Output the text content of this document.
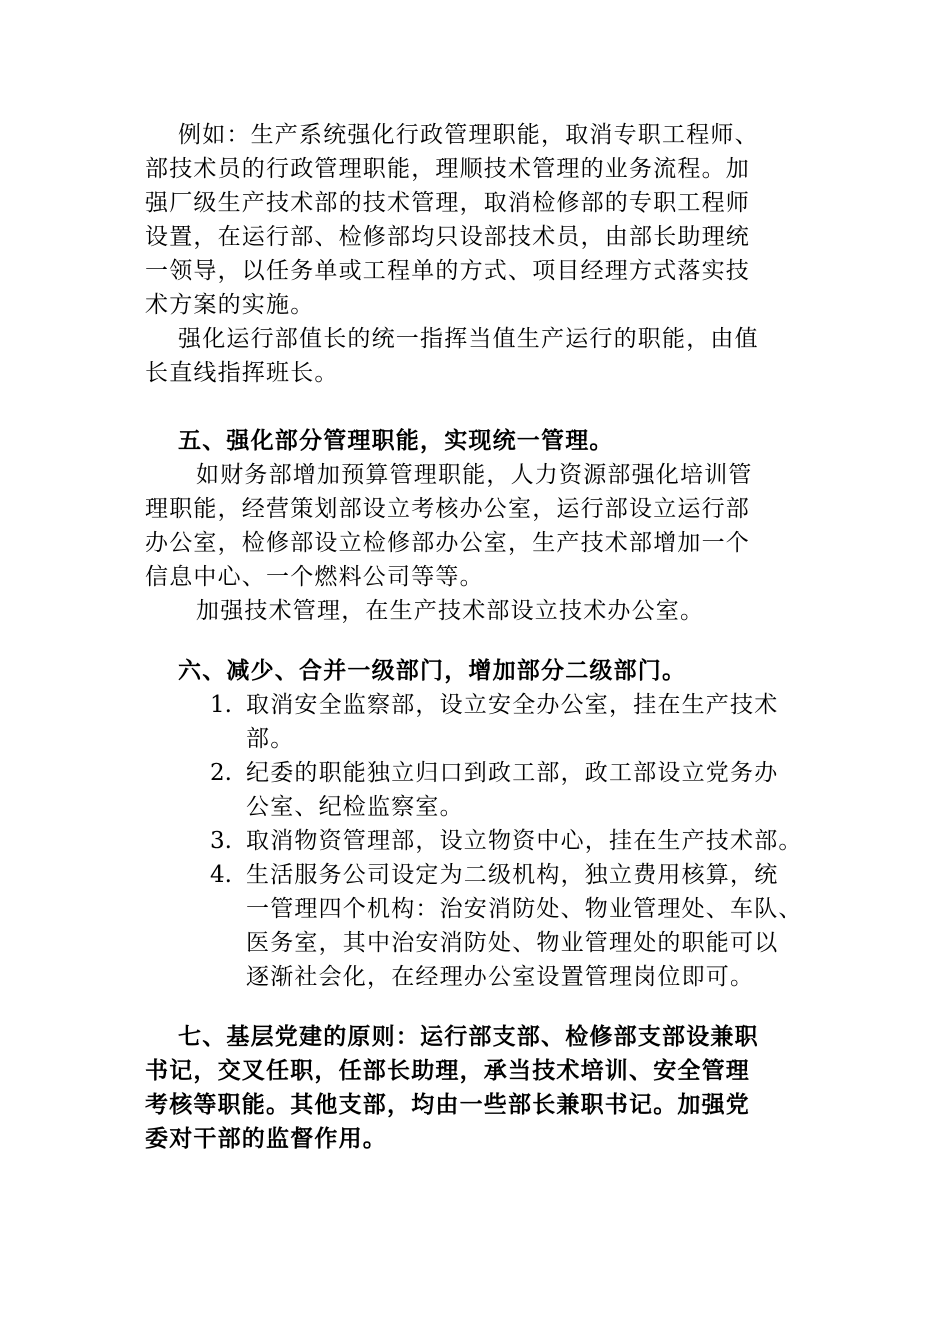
例如：生产系统强化行政管理职能，取消专职工程师、
部技术员的行政管理职能，理顺技术管理的业务流程。加
强厂级生产技术部的技术管理，取消检修部的专职工程师
设置，在运行部、检修部均只设部技术员，由部长助理统
一领导，以任务单或工程单的方式、项目经理方式落实技
术方案的实施。
强化运行部值长的统一指挥当值生产运行的职能，由值
长直线指挥班长。
五、强化部分管理职能，实现统一管理。
如财务部增加预算管理职能，人力资源部强化培训管
理职能，经营策划部设立考核办公室，运行部设立运行部
办公室，检修部设立检修部办公室，生产技术部增加一个
信息中心、一个燃料公司等等。
加强技术管理，在生产技术部设立技术办公室。
六、减少、合并一级部门，增加部分二级部门。
1. 取消安全监察部，设立安全办公室，挂在生产技术
部。
2. 纪委的职能独立归口到政工部，政工部设立党务办
公室、纪检监察室。
3. 取消物资管理部，设立物资中心，挂在生产技术部。
4. 生活服务公司设定为二级机构，独立费用核算，统
一管理四个机构：治安消防处、物业管理处、车队、
医务室，其中治安消防处、物业管理处的职能可以
逐渐社会化，在经理办公室设置管理岗位即可。
七、基层党建的原则：运行部支部、检修部支部设兼职
书记，交叉任职，任部长助理，承当技术培训、安全管理
考核等职能。其他支部，均由一些部长兼职书记。加强党
委对干部的监督作用。
